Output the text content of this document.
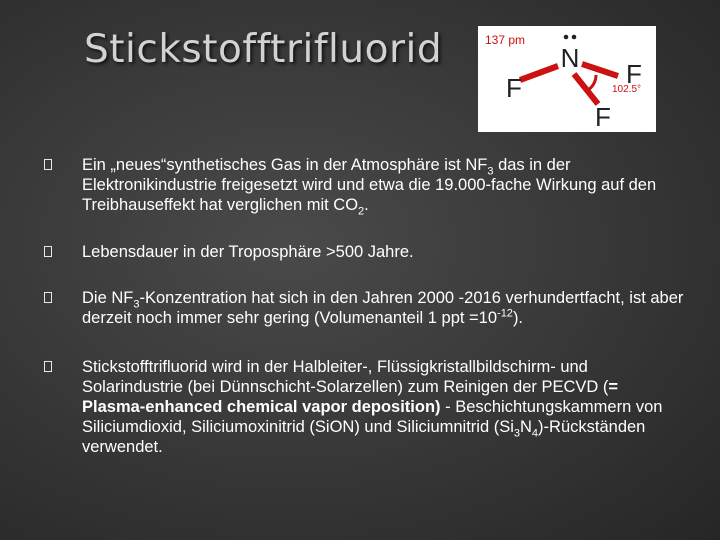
Stickstofftrifluorid	N
F	F
F
137 pm
102.5°
Ein „neues“synthetisches Gas in der Atmosphäre ist $NF_3$ das in der Elektronikindustrie freigesetzt wird und etwa die 19.000-fache Wirkung auf den Treibhauseffekt hat verglichen mit $CO_2$.
Lebensdauer in der Troposphäre >500 Jahre.
Die $NF_3$-Konzentration hat sich in den Jahren 2000 -2016 verhundertfacht, ist aber derzeit noch immer sehr gering (Volumenanteil 1 ppt $=10^{-12}$).
Stickstofftrifluorid wird in der Halbleiter-, Flüssigkristallbildschirm- und Solarindustrie (bei Dünnschicht-Solarzellen) zum Reinigen der PECVD (= Plasma-enhanced chemical vapor deposition) - Beschichtungskammern von Siliciumdioxid, Siliciumoxinitrid (SiON) und Siliciumnitrid $(Si_3N_4)$-Rückständen verwendet.
